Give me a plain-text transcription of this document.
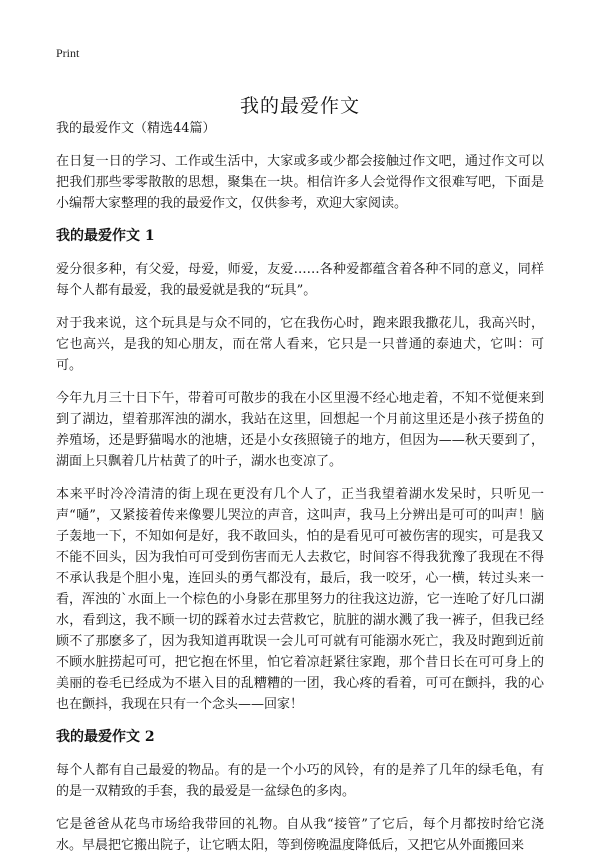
Print
我的最爱作文

我的最爱作文（精选44篇）

在日复一日的学习、工作或生活中，大家或多或少都会接触过作文吧，通过作文可以把我们那些零零散散的思想，聚集在一块。相信许多人会觉得作文很难写吧，下面是小编帮大家整理的我的最爱作文，仅供参考，欢迎大家阅读。

我的最爱作文 1

爱分很多种，有父爱，母爱，师爱，友爱……各种爱都蕴含着各种不同的意义，同样每个人都有最爱，我的最爱就是我的“玩具”。

对于我来说，这个玩具是与众不同的，它在我伤心时，跑来跟我撒花儿，我高兴时，它也高兴，是我的知心朋友，而在常人看来，它只是一只普通的泰迪犬，它叫：可可。

今年九月三十日下午，带着可可散步的我在小区里漫不经心地走着，不知不觉便来到到了湖边，望着那浑浊的湖水，我站在这里，回想起一个月前这里还是小孩子捞鱼的养殖场，还是野猫喝水的池塘，还是小女孩照镜子的地方，但因为——秋天要到了，湖面上只飘着几片枯黄了的叶子，湖水也变凉了。

本来平时冷冷清清的街上现在更没有几个人了，正当我望着湖水发呆时，只听见一声“嗵”，又紧接着传来像婴儿哭泣的声音，这叫声，我马上分辨出是可可的叫声！脑子轰地一下，不知如何是好，我不敢回头，怕的是看见可可被伤害的现实，可是我又不能不回头，因为我怕可可受到伤害而无人去救它，时间容不得我犹豫了我现在不得不承认我是个胆小鬼，连回头的勇气都没有，最后，我一咬牙，心一横，转过头来一看，浑浊的`水面上一个棕色的小身影在那里努力的往我这边游，它一连呛了好几口湖水，看到这，我不顾一切的踩着水过去营救它，肮脏的湖水溅了我一裤子，但我已经顾不了那麽多了，因为我知道再耽误一会儿可可就有可能溺水死亡，我及时跑到近前不顾水脏捞起可可，把它抱在怀里，怕它着凉赶紧往家跑，那个昔日长在可可身上的美丽的卷毛已经成为不堪入目的乱糟糟的一团，我心疼的看着，可可在颤抖，我的心也在颤抖，我现在只有一个念头——回家！

我的最爱作文 2

每个人都有自己最爱的物品。有的是一个小巧的风铃，有的是养了几年的绿毛龟，有的是一双精致的手套，我的最爱是一盆绿色的多肉。

它是爸爸从花鸟市场给我带回的礼物。自从我“接管”了它后，每个月都按时给它浇水。早晨把它搬出院子，让它晒太阳，等到傍晚温度降低后，又把它从外面搬回来
